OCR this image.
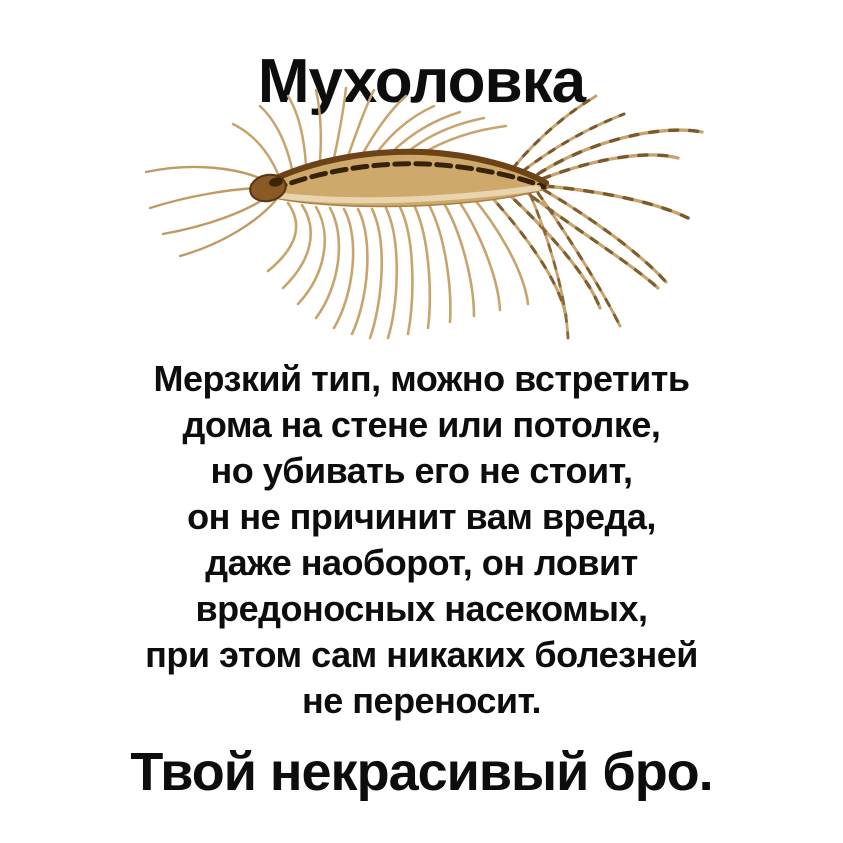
Мухоловка
Мерзкий тип, можно встретить
дома на стене или потолке,
но убивать его не стоит,
он не причинит вам вреда,
даже наоборот, он ловит
вредоносных насекомых,
при этом сам никаких болезней
не переносит.
Твой некрасивый бро.
